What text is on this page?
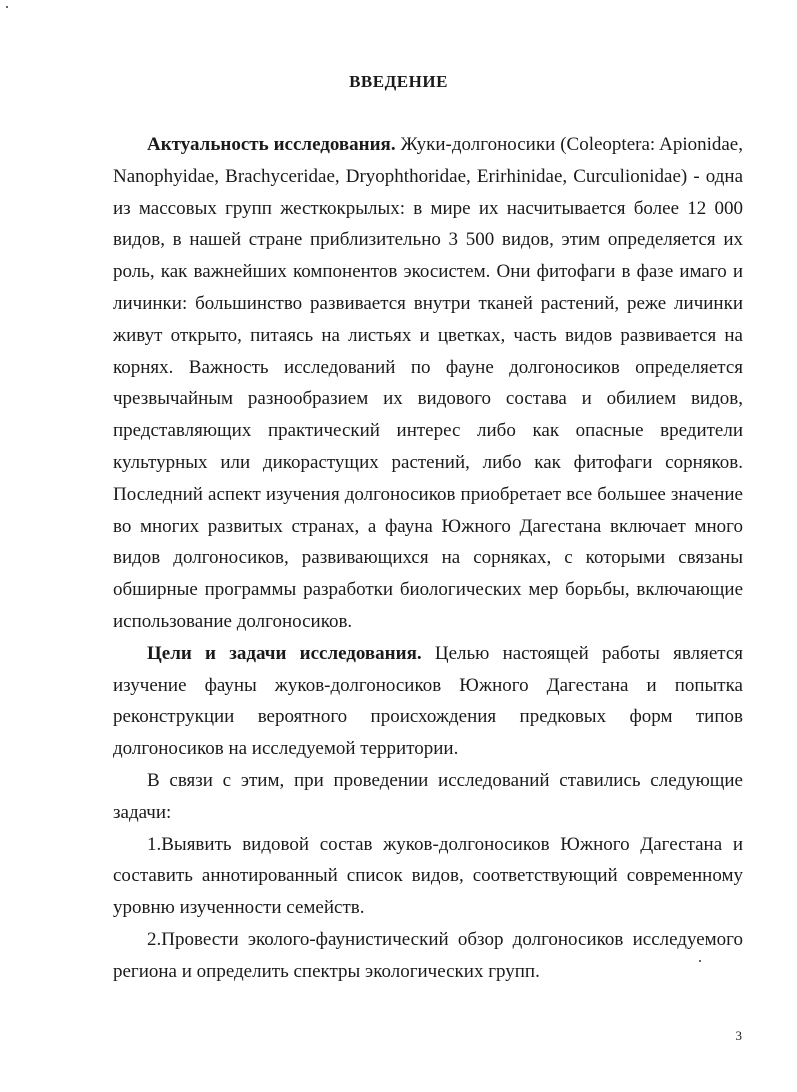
ВВЕДЕНИЕ

Актуальность исследования. Жуки-долгоносики (Coleoptera: Apionidae, Nanophyidae, Brachyceridae, Dryophthoridae, Erirhinidae, Curculionidae) - одна из массовых групп жесткокрылых: в мире их насчитывается более 12 000 видов, в нашей стране приблизительно 3 500 видов, этим определяется их роль, как важнейших компонентов экосистем. Они фитофаги в фазе имаго и личинки: большинство развивается внутри тканей растений, реже личинки живут открыто, питаясь на листьях и цветках, часть видов развивается на корнях. Важность исследований по фауне долгоносиков определяется чрезвычайным разнообразием их видового состава и обилием видов, представляющих практический интерес либо как опасные вредители культурных или дикорастущих растений, либо как фитофаги сорняков. Последний аспект изучения долгоносиков приобретает все большее значение во многих развитых странах, а фауна Южного Дагестана включает много видов долгоносиков, развивающихся на сорняках, с которыми связаны обширные программы разработки биологических мер борьбы, включающие использование долгоносиков.

Цели и задачи исследования. Целью настоящей работы является изучение фауны жуков-долгоносиков Южного Дагестана и попытка реконструкции вероятного происхождения предковых форм типов долгоносиков на исследуемой территории.

В связи с этим, при проведении исследований ставились следующие задачи:

1.Выявить видовой состав жуков-долгоносиков Южного Дагестана и составить аннотированный список видов, соответствующий современному уровню изученности семейств.

2.Провести эколого-фаунистический обзор долгоносиков исследуемого региона и определить спектры экологических групп.

3
